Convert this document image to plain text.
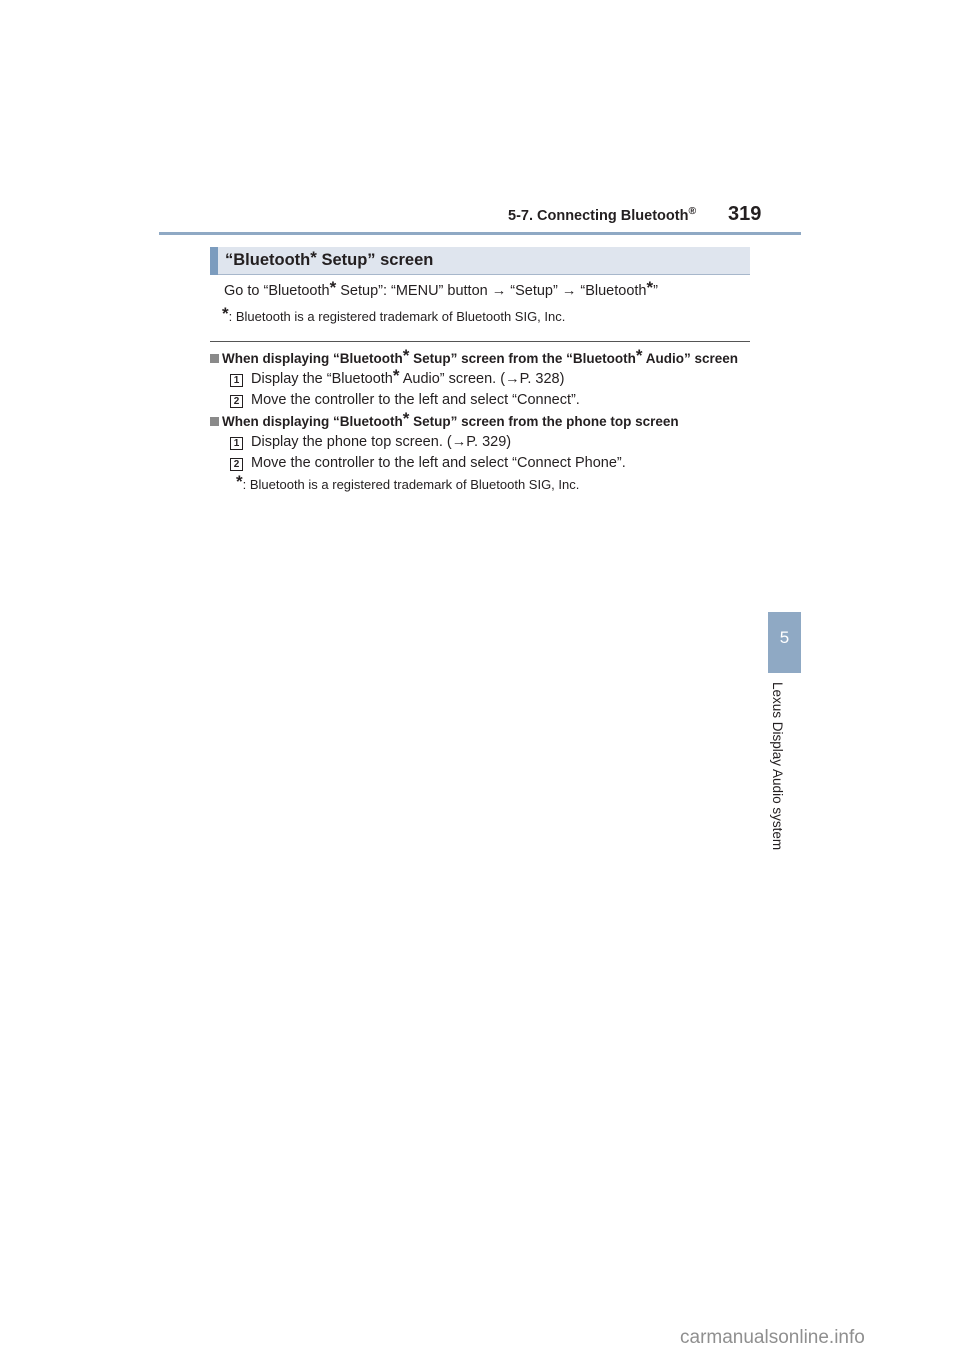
5-7. Connecting Bluetooth® 319
“Bluetooth* Setup” screen
Go to “Bluetooth* Setup”: “MENU” button → “Setup” → “Bluetooth*”
*: Bluetooth is a registered trademark of Bluetooth SIG, Inc.
When displaying “Bluetooth* Setup” screen from the “Bluetooth* Audio” screen
1 Display the “Bluetooth* Audio” screen. (→P. 328)
2 Move the controller to the left and select “Connect”.
When displaying “Bluetooth* Setup” screen from the phone top screen
1 Display the phone top screen. (→P. 329)
2 Move the controller to the left and select “Connect Phone”.
*: Bluetooth is a registered trademark of Bluetooth SIG, Inc.
5
Lexus Display Audio system
carmanualsonline.info
